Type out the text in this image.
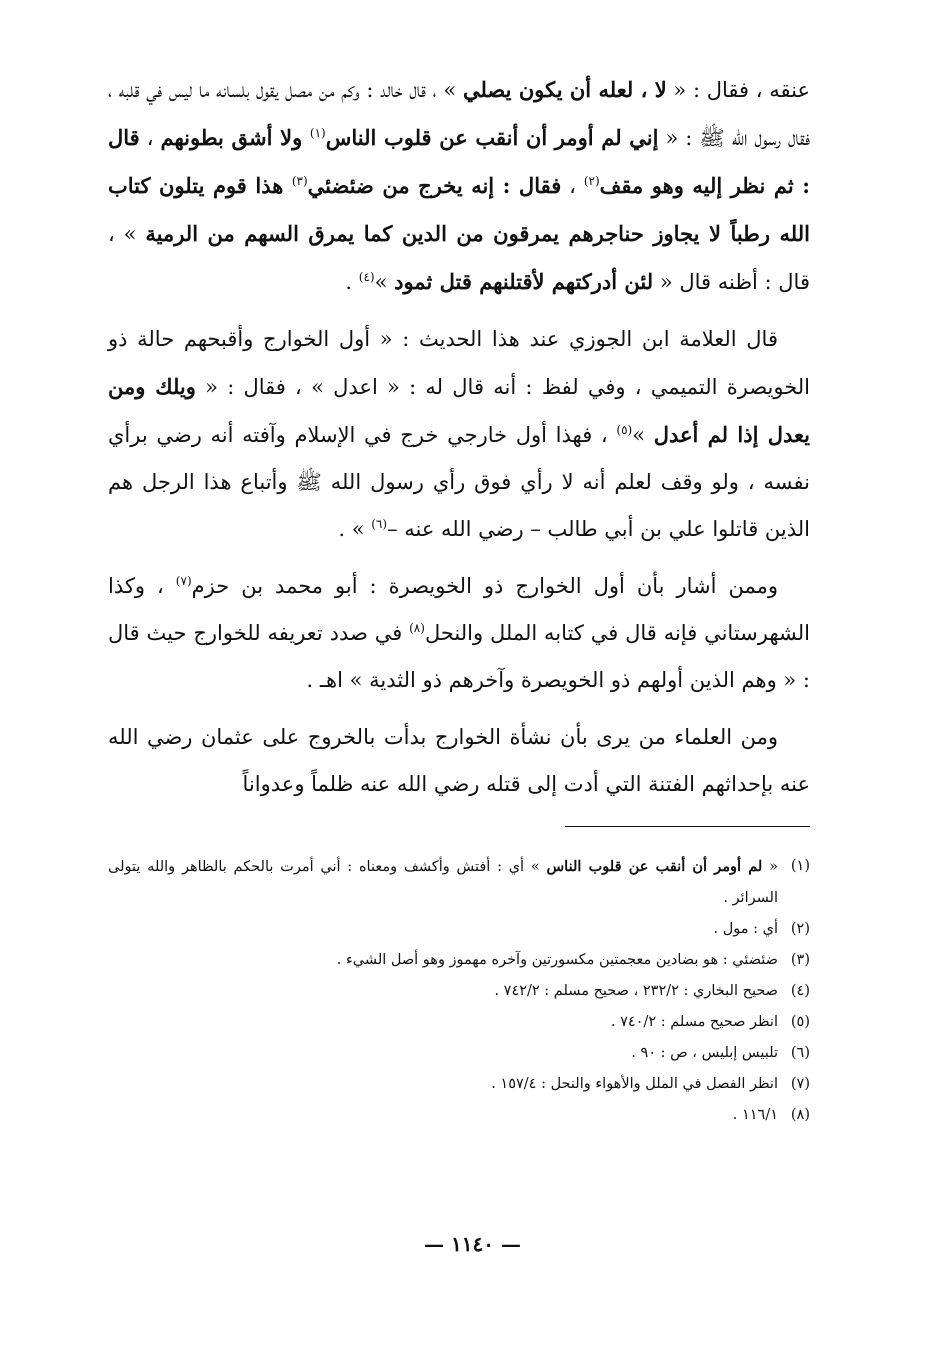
عنقه ، فقال : « لا ، لعله أن يكون يصلي » ، قال خالد : وكم من مصل يقول بلسانه ما ليس في قلبه ، فقال رسول الله ﷺ : « إني لم أومر أن أنقب عن قلوب الناس$^{(١)}$ ولا أشق بطونهم ، قال : ثم نظر إليه وهو مقف$^{(٢)}$ ، فقال : إنه يخرج من ضئضئي$^{(٣)}$ هذا قوم يتلون كتاب الله رطباً لا يجاوز حناجرهم يمرقون من الدين كما يمرق السهم من الرمية » ، قال : أظنه قال « لئن أدركتهم لأقتلنهم قتل ثمود »$^{(٤)}$ .

قال العلامة ابن الجوزي عند هذا الحديث : « أول الخوارج وأقبحهم حالة ذو الخويصرة التميمي ، وفي لفظ : أنه قال له : « اعدل » ، فقال : « ويلك ومن يعدل إذا لم أعدل »$^{(٥)}$ ، فهذا أول خارجي خرج في الإسلام وآفته أنه رضي برأي نفسه ، ولو وقف لعلم أنه لا رأي فوق رأي رسول الله ﷺ وأتباع هذا الرجل هم الذين قاتلوا علي بن أبي طالب – رضي الله عنه –$^{(٦)}$ » .

وممن أشار بأن أول الخوارج ذو الخويصرة : أبو محمد بن حزم$^{(٧)}$ ، وكذا الشهرستاني فإنه قال في كتابه الملل والنحل$^{(٨)}$ في صدد تعريفه للخوارج حيث قال : « وهم الذين أولهم ذو الخويصرة وآخرهم ذو الثدية » اهـ .

ومن العلماء من يرى بأن نشأة الخوارج بدأت بالخروج على عثمان رضي الله عنه بإحداثهم الفتنة التي أدت إلى قتله رضي الله عنه ظلماً وعدواناً

(١)
« لم أومر أن أنقب عن قلوب الناس » أي : أفتش وأكشف ومعناه : أني أمرت بالحكم بالظاهر والله يتولى السرائر .
(٢)
أي : مول .
(٣)
ضئضئي : هو بضادين معجمتين مكسورتين وآخره مهموز وهو أصل الشيء .
(٤)
صحيح البخاري : ٢٣٢/٢ ، صحيح مسلم : ٧٤٢/٢ .
(٥)
انظر صحيح مسلم : ٧٤٠/٢ .
(٦)
تلبيس إبليس ، ص : ٩٠ .
(٧)
انظر الفصل في الملل والأهواء والنحل : ١٥٧/٤ .
(٨)
١١٦/١ .
— ١١٤٠ —
